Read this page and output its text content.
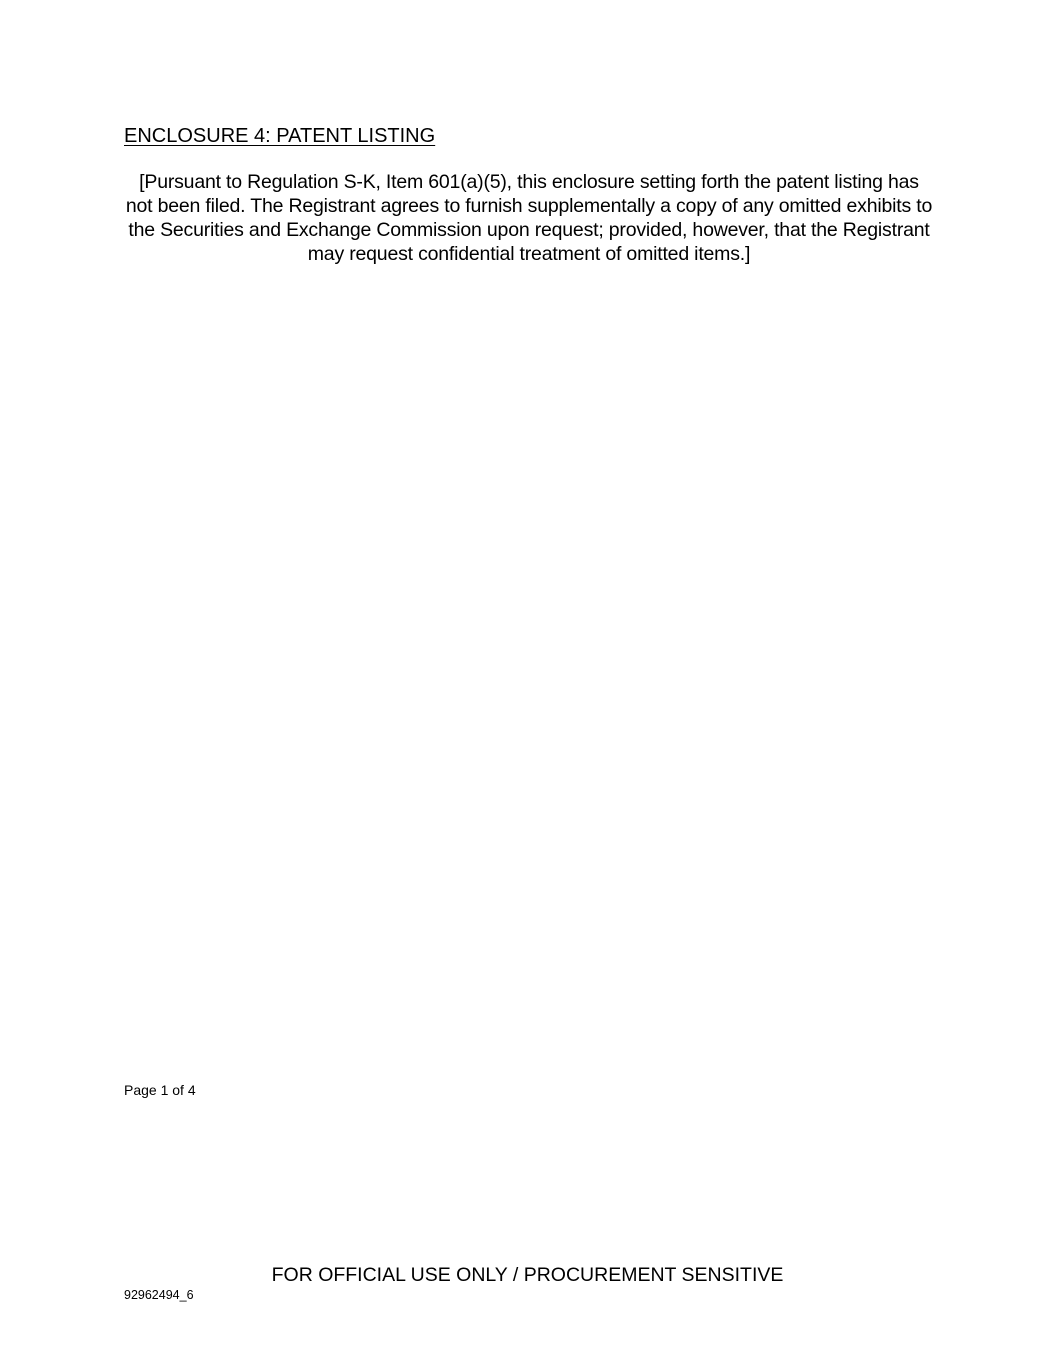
ENCLOSURE 4: PATENT LISTING
[Pursuant to Regulation S-K, Item 601(a)(5), this enclosure setting forth the patent listing has not been filed. The Registrant agrees to furnish supplementally a copy of any omitted exhibits to the Securities and Exchange Commission upon request; provided, however, that the Registrant may request confidential treatment of omitted items.]
Page 1 of 4
FOR OFFICIAL USE ONLY / PROCUREMENT SENSITIVE
92962494_6
